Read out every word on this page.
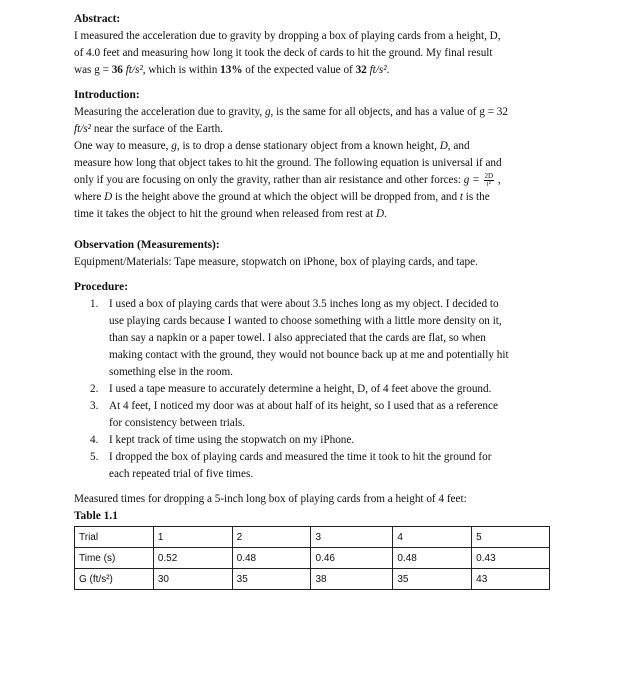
Abstract:
I measured the acceleration due to gravity by dropping a box of playing cards from a height, D,
of 4.0 feet and measuring how long it took the deck of cards to hit the ground. My final result
was g = 36 ft/s², which is within 13% of the expected value of 32 ft/s².
Introduction:
Measuring the acceleration due to gravity, g, is the same for all objects, and has a value of g = 32
ft/s² near the surface of the Earth.
One way to measure, g, is to drop a dense stationary object from a known height, D, and
measure how long that object takes to hit the ground. The following equation is universal if and
only if you are focusing on only the gravity, rather than air resistance and other forces: $g = \frac{2D}{\text{t²}}$ ,
where D is the height above the ground at which the object will be dropped from, and t is the
time it takes the object to hit the ground when released from rest at D.
Observation (Measurements):
Equipment/Materials: Tape measure, stopwatch on iPhone, box of playing cards, and tape.
Procedure:
1. I used a box of playing cards that were about 3.5 inches long as my object. I decided to
use playing cards because I wanted to choose something with a little more density on it,
than say a napkin or a paper towel. I also appreciated that the cards are flat, so when
making contact with the ground, they would not bounce back up at me and potentially hit
something else in the room.
2. I used a tape measure to accurately determine a height, D, of 4 feet above the ground.
3. At 4 feet, I noticed my door was at about half of its height, so I used that as a reference
for consistency between trials.
4. I kept track of time using the stopwatch on my iPhone.
5. I dropped the box of playing cards and measured the time it took to hit the ground for
each repeated trial of five times.
Measured times for dropping a 5-inch long box of playing cards from a height of 4 feet:
Table 1.1
Trial	1	2	3	4	5
Time (s)	0.52	0.48	0.46	0.48	0.43
G (ft/s²)	30	35	38	35	43
